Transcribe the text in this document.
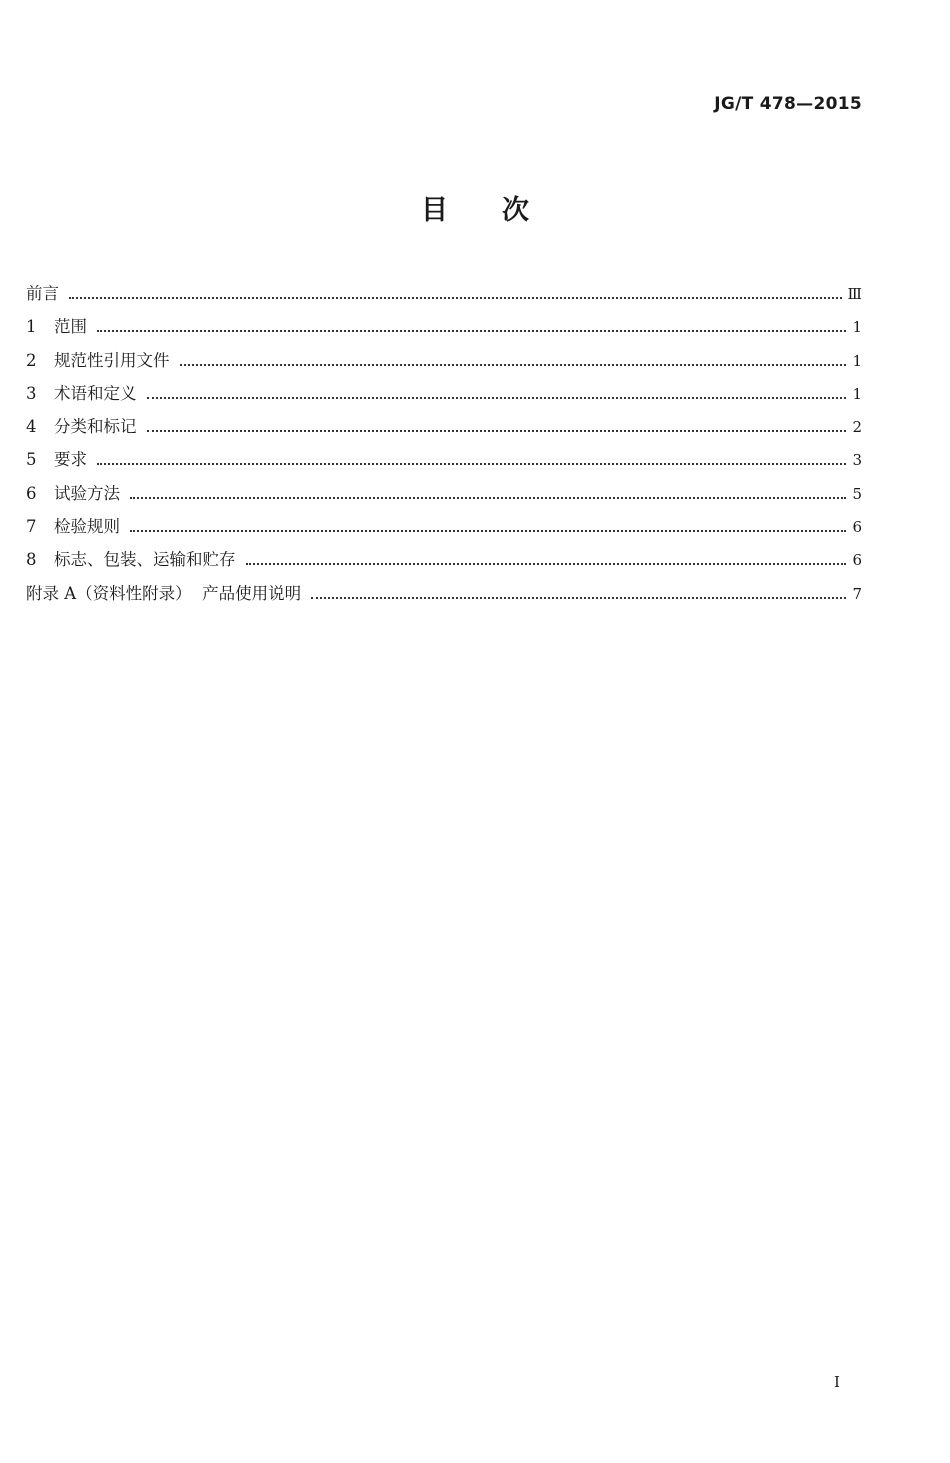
JG/T 478—2015
目 次
前言	Ⅲ
1	范围	1
2	规范性引用文件	1
3	术语和定义	1
4	分类和标记	2
5	要求	3
6	试验方法	5
7	检验规则	6
8	标志、包装、运输和贮存	6
附录 A（资料性附录）  产品使用说明	7
I
